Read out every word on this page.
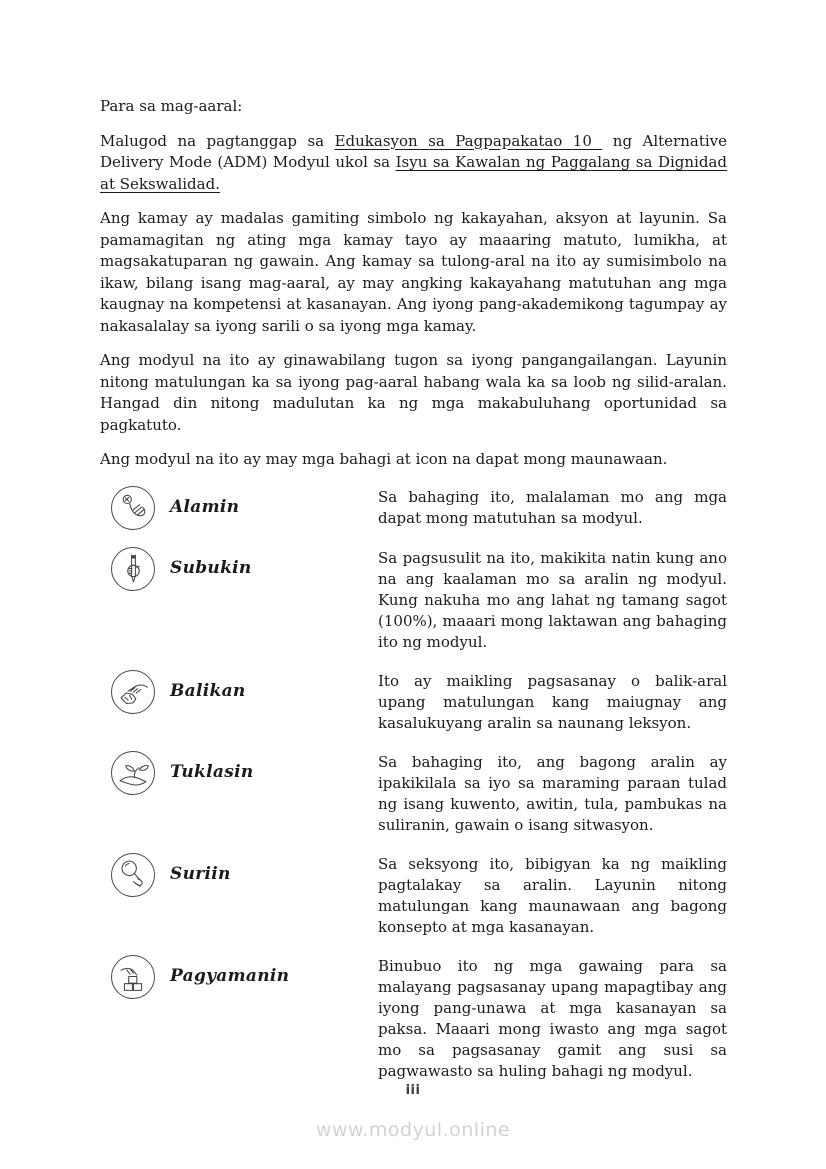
Para sa mag-aaral:

Malugod na pagtanggap sa Edukasyon sa Pagpapakatao 10  ng Alternative Delivery Mode (ADM) Modyul ukol sa Isyu sa Kawalan ng Paggalang sa Dignidad at Sekswalidad.

Ang kamay ay madalas gamiting simbolo ng kakayahan, aksyon at layunin. Sa pamamagitan ng ating mga kamay tayo ay maaaring matuto, lumikha, at magsakatuparan ng gawain. Ang kamay sa tulong-aral na ito ay sumisimbolo na ikaw, bilang isang mag-aaral, ay may angking kakayahang matutuhan ang mga kaugnay na kompetensi at kasanayan. Ang iyong pang-akademikong tagumpay ay nakasalalay sa iyong sarili o sa iyong mga kamay.

Ang modyul na ito ay ginawabilang tugon sa iyong pangangailangan. Layunin nitong matulungan ka sa iyong pag-aaral habang wala ka sa loob ng silid-aralan. Hangad din nitong madulutan ka ng mga makabuluhang oportunidad sa pagkatuto.

Ang modyul na ito ay may mga bahagi at icon na dapat mong maunawaan.

Alamin	Sa bahaging ito, malalaman mo ang mga dapat mong matutuhan sa modyul.
Subukin	Sa pagsusulit na ito, makikita natin kung ano na ang kaalaman mo sa aralin ng modyul. Kung nakuha mo ang lahat ng tamang sagot (100%), maaari mong laktawan ang bahaging ito ng modyul.
Balikan	Ito ay maikling pagsasanay o balik-aral upang matulungan kang maiugnay ang kasalukuyang aralin sa naunang leksyon.
Tuklasin	Sa bahaging ito, ang bagong aralin ay ipakikilala sa iyo sa maraming paraan tulad ng isang kuwento, awitin, tula, pambukas na suliranin, gawain o isang sitwasyon.
Suriin	Sa seksyong ito, bibigyan ka ng maikling pagtalakay sa aralin. Layunin nitong matulungan kang maunawaan ang bagong konsepto at mga kasanayan.
Pagyamanin	Binubuo ito ng mga gawaing para sa malayang pagsasanay upang mapagtibay ang iyong pang-unawa at mga kasanayan sa paksa. Maaari mong iwasto ang mga sagot mo sa pagsasanay gamit ang susi sa pagwawasto sa huling bahagi ng modyul.
iii
www.modyul.online
